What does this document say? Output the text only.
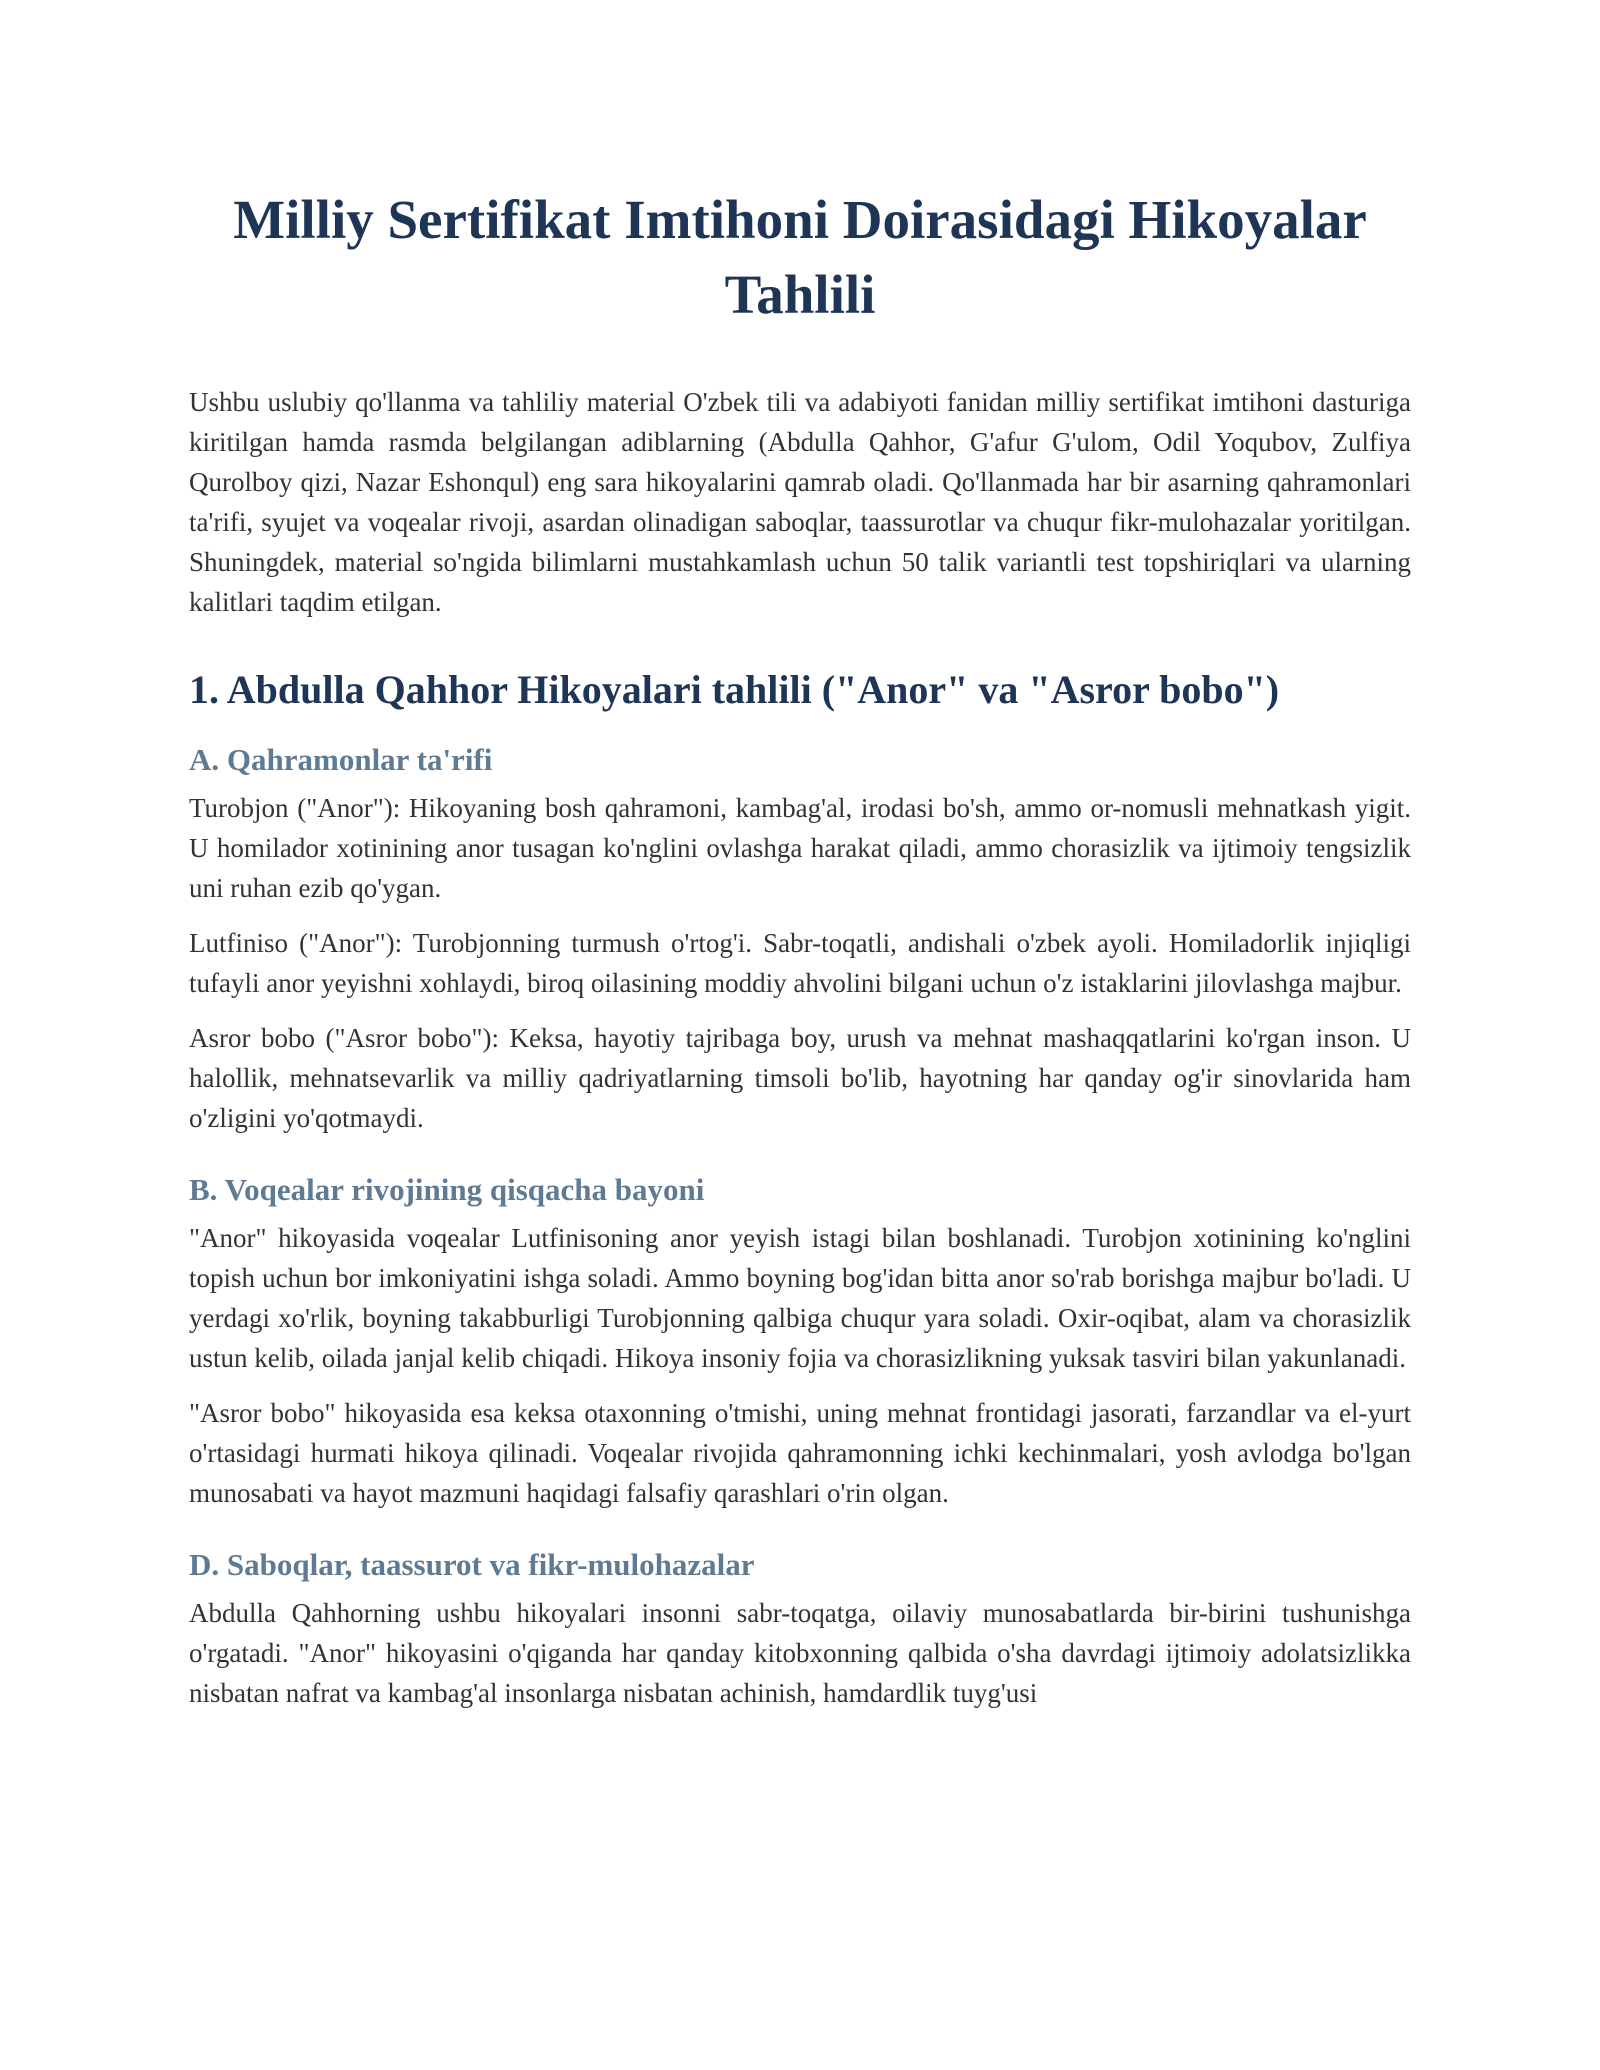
Milliy Sertifikat Imtihoni Doirasidagi Hikoyalar Tahlili

Ushbu uslubiy qo'llanma va tahliliy material O'zbek tili va adabiyoti fanidan milliy sertifikat imtihoni dasturiga kiritilgan hamda rasmda belgilangan adiblarning (Abdulla Qahhor, G'afur G'ulom, Odil Yoqubov, Zulfiya Qurolboy qizi, Nazar Eshonqul) eng sara hikoyalarini qamrab oladi. Qo'llanmada har bir asarning qahramonlari ta'rifi, syujet va voqealar rivoji, asardan olinadigan saboqlar, taassurotlar va chuqur fikr-mulohazalar yoritilgan. Shuningdek, material so'ngida bilimlarni mustahkamlash uchun 50 talik variantli test topshiriqlari va ularning kalitlari taqdim etilgan.

1. Abdulla Qahhor Hikoyalari tahlili ("Anor" va "Asror bobo")
A. Qahramonlar ta'rifi

Turobjon ("Anor"): Hikoyaning bosh qahramoni, kambag'al, irodasi bo'sh, ammo or-nomusli mehnatkash yigit. U homilador xotinining anor tusagan ko'nglini ovlashga harakat qiladi, ammo chorasizlik va ijtimoiy tengsizlik uni ruhan ezib qo'ygan.

Lutfiniso ("Anor"): Turobjonning turmush o'rtog'i. Sabr-toqatli, andishali o'zbek ayoli. Homiladorlik injiqligi tufayli anor yeyishni xohlaydi, biroq oilasining moddiy ahvolini bilgani uchun o'z istaklarini jilovlashga majbur.

Asror bobo ("Asror bobo"): Keksa, hayotiy tajribaga boy, urush va mehnat mashaqqatlarini ko'rgan inson. U halollik, mehnatsevarlik va milliy qadriyatlarning timsoli bo'lib, hayotning har qanday og'ir sinovlarida ham o'zligini yo'qotmaydi.

B. Voqealar rivojining qisqacha bayoni

"Anor" hikoyasida voqealar Lutfinisoning anor yeyish istagi bilan boshlanadi. Turobjon xotinining ko'nglini topish uchun bor imkoniyatini ishga soladi. Ammo boyning bog'idan bitta anor so'rab borishga majbur bo'ladi. U yerdagi xo'rlik, boyning takabburligi Turobjonning qalbiga chuqur yara soladi. Oxir-oqibat, alam va chorasizlik ustun kelib, oilada janjal kelib chiqadi. Hikoya insoniy fojia va chorasizlikning yuksak tasviri bilan yakunlanadi.

"Asror bobo" hikoyasida esa keksa otaxonning o'tmishi, uning mehnat frontidagi jasorati, farzandlar va el-yurt o'rtasidagi hurmati hikoya qilinadi. Voqealar rivojida qahramonning ichki kechinmalari, yosh avlodga bo'lgan munosabati va hayot mazmuni haqidagi falsafiy qarashlari o'rin olgan.

D. Saboqlar, taassurot va fikr-mulohazalar

Abdulla Qahhorning ushbu hikoyalari insonni sabr-toqatga, oilaviy munosabatlarda bir-birini tushunishga o'rgatadi. "Anor" hikoyasini o'qiganda har qanday kitobxonning qalbida o'sha davrdagi ijtimoiy adolatsizlikka nisbatan nafrat va kambag'al insonlarga nisbatan achinish, hamdardlik tuyg'usi
